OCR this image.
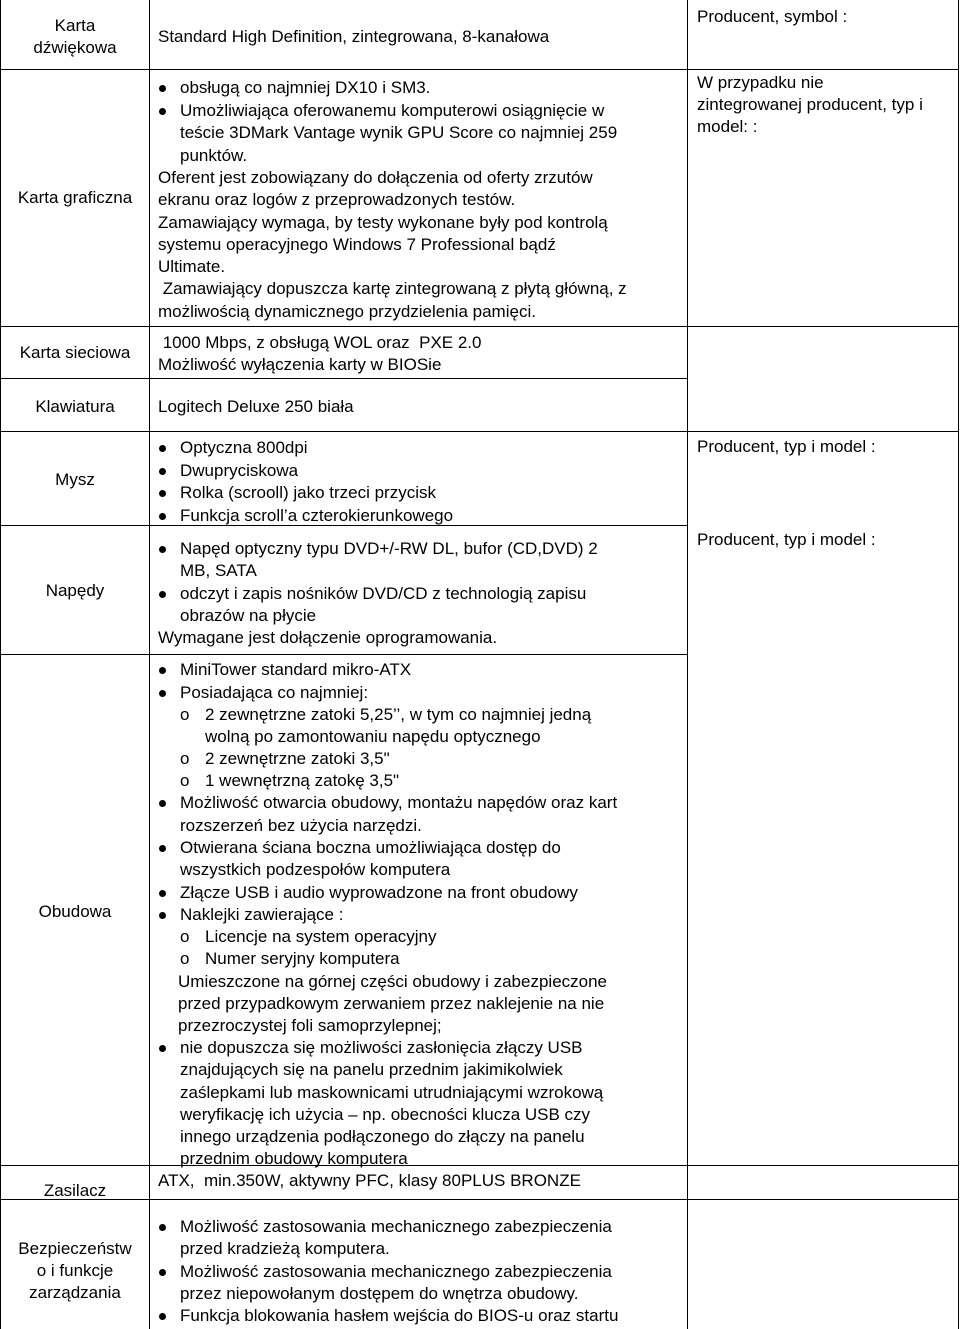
Karta
dźwiękowa
Standard High Definition, zintegrowana, 8-kanałowa
Producent, symbol :
Karta graficzna
obsługą co najmniej DX10 i SM3.
Umożliwiająca oferowanemu komputerowi osiągnięcie w
teście 3DMark Vantage wynik GPU Score co najmniej 259
punktów.
Oferent jest zobowiązany do dołączenia od oferty zrzutów
ekranu oraz logów z przeprowadzonych testów.
Zamawiający wymaga, by testy wykonane były pod kontrolą
systemu operacyjnego Windows 7 Professional bądź
Ultimate.
Zamawiający dopuszcza kartę zintegrowaną z płytą główną, z
możliwością dynamicznego przydzielenia pamięci.
W przypadku nie
zintegrowanej producent, typ i
model: :
Karta sieciowa
1000 Mbps, z obsługą WOL oraz  PXE 2.0
Możliwość wyłączenia karty w BIOSie
Klawiatura	Logitech Deluxe 250 biała
Mysz
Optyczna 800dpi
Dwupryciskowa
Rolka (scrooll) jako trzeci przycisk
Funkcja scroll’a czterokierunkowego
Producent, typ i model :
Napędy
Napęd optyczny typu DVD+/-RW DL, bufor (CD,DVD) 2
MB, SATA
odczyt i zapis nośników DVD/CD z technologią zapisu
obrazów na płycie
Wymagane jest dołączenie oprogramowania.
Producent, typ i model :
Obudowa
MiniTower standard mikro-ATX
Posiadająca co najmniej:
o 2 zewnętrzne zatoki 5,25’’, w tym co najmniej jedną
wolną po zamontowaniu napędu optycznego
o 2 zewnętrzne zatoki 3,5"
o 1 wewnętrzną zatokę 3,5"
Możliwość otwarcia obudowy, montażu napędów oraz kart
rozszerzeń bez użycia narzędzi.
Otwierana ściana boczna umożliwiająca dostęp do
wszystkich podzespołów komputera
Złącze USB i audio wyprowadzone na front obudowy
Naklejki zawierające :
o Licencje na system operacyjny
o Numer seryjny komputera
Umieszczone na górnej części obudowy i zabezpieczone
przed przypadkowym zerwaniem przez naklejenie na nie
przezroczystej foli samoprzylepnej;
nie dopuszcza się możliwości zasłonięcia złączy USB
znajdujących się na panelu przednim jakimikolwiek
zaślepkami lub maskownicami utrudniającymi wzrokową
weryfikację ich użycia – np. obecności klucza USB czy
innego urządzenia podłączonego do złączy na panelu
przednim obudowy komputera
Zasilacz
ATX,  min.350W, aktywny PFC, klasy 80PLUS BRONZE
Bezpieczeństw
o i funkcje
zarządzania
Możliwość zastosowania mechanicznego zabezpieczenia
przed kradzieżą komputera.
Możliwość zastosowania mechanicznego zabezpieczenia
przez niepowołanym dostępem do wnętrza obudowy.
Funkcja blokowania hasłem wejścia do BIOS-u oraz startu
